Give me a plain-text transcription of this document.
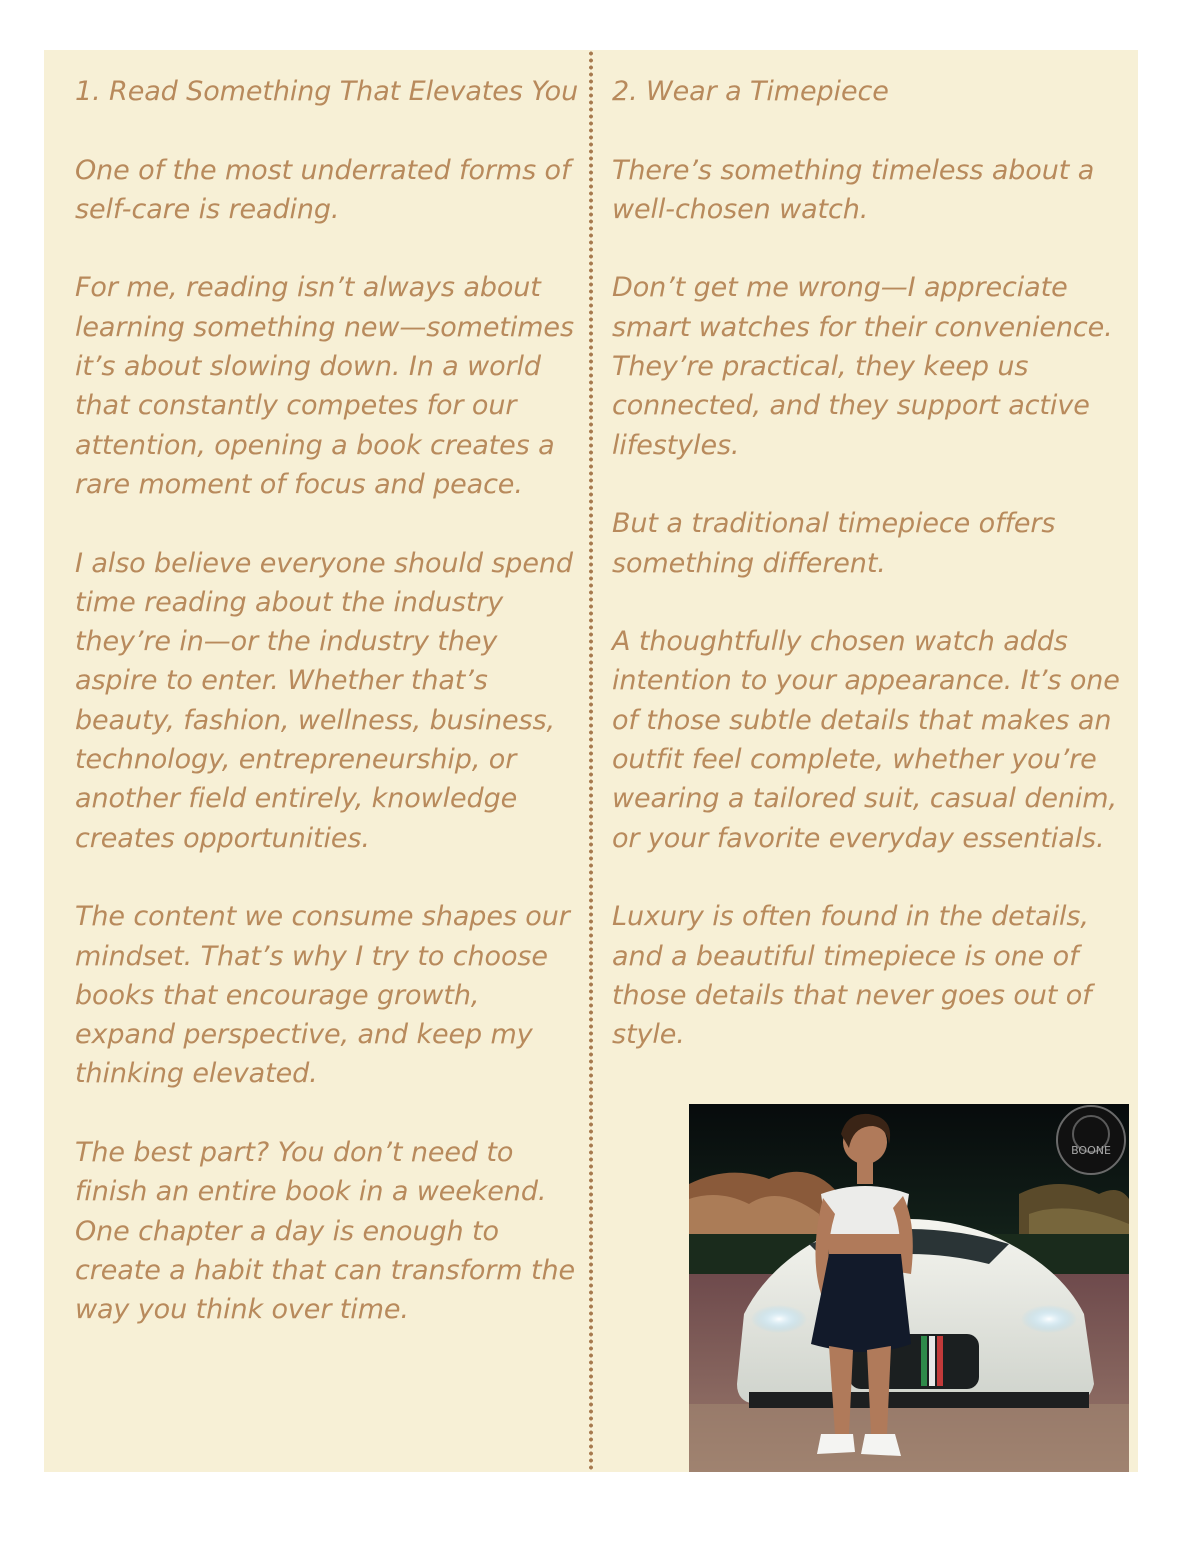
1. Read Something That Elevates You

One of the most underrated forms of self-care is reading.

For me, reading isn’t always about learning something new—sometimes it’s about slowing down. In a world that constantly competes for our attention, opening a book creates a rare moment of focus and peace.

I also believe everyone should spend time reading about the industry they’re in—or the industry they aspire to enter. Whether that’s beauty, fashion, wellness, business, technology, entrepreneurship, or another field entirely, knowledge creates opportunities.

The content we consume shapes our mindset. That’s why I try to choose books that encourage growth, expand perspective, and keep my thinking elevated.

The best part? You don’t need to finish an entire book in a weekend. One chapter a day is enough to create a habit that can transform the way you think over time.

2. Wear a Timepiece

There’s something timeless about a well-chosen watch.

Don’t get me wrong—I appreciate smart watches for their convenience. They’re practical, they keep us connected, and they support active lifestyles.

But a traditional timepiece offers something different.

A thoughtfully chosen watch adds intention to your appearance. It’s one of those subtle details that makes an outfit feel complete, whether you’re wearing a tailored suit, casual denim, or your favorite everyday essentials.

Luxury is often found in the details, and a beautiful timepiece is one of those details that never goes out of style.

BOONE
